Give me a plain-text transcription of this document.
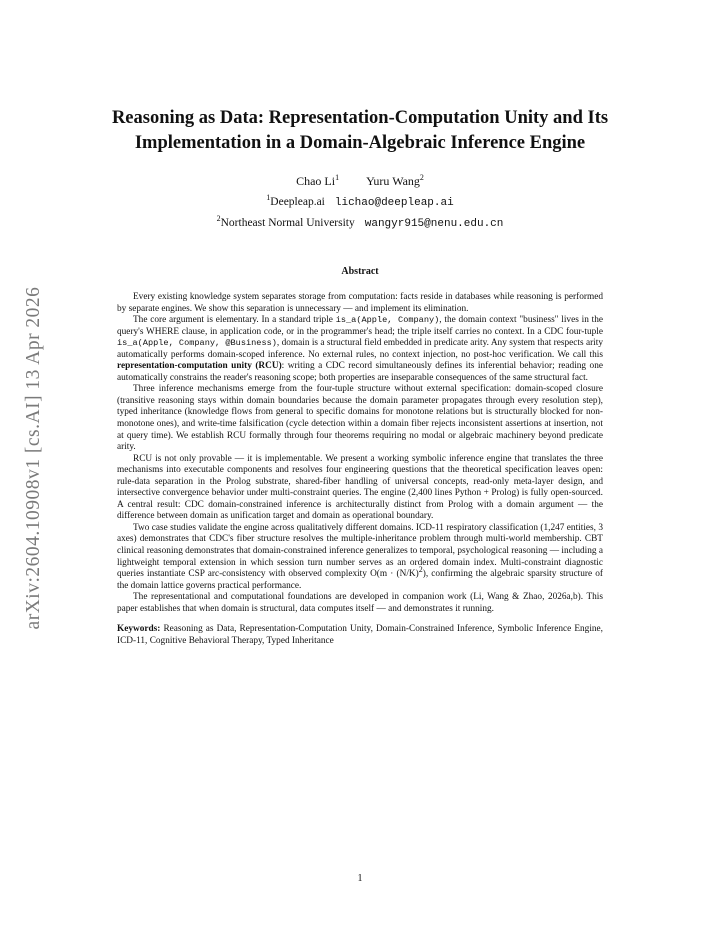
arXiv:2604.10908v1 [cs.AI] 13 Apr 2026
Reasoning as Data: Representation-Computation Unity and Its Implementation in a Domain-Algebraic Inference Engine
Chao Li$^1$ Yuru Wang$^2$
$^1$Deepleap.ai lichao@deepleap.ai
$^2$Northeast Normal University wangyr915@nenu.edu.cn
Abstract

Every existing knowledge system separates storage from computation: facts reside in databases while reasoning is performed by separate engines. We show this separation is unnecessary — and implement its elimination.

The core argument is elementary. In a standard triple is_a(Apple, Company), the domain context "business" lives in the query's WHERE clause, in application code, or in the programmer's head; the triple itself carries no context. In a CDC four-tuple is_a(Apple, Company, @Business), domain is a structural field embedded in predicate arity. Any system that respects arity automatically performs domain-scoped inference. No external rules, no context injection, no post-hoc verification. We call this representation-computation unity (RCU): writing a CDC record simultaneously defines its inferential behavior; reading one automatically constrains the reader's reasoning scope; both properties are inseparable consequences of the same structural fact.

Three inference mechanisms emerge from the four-tuple structure without external specification: domain-scoped closure (transitive reasoning stays within domain boundaries because the domain parameter propagates through every resolution step), typed inheritance (knowledge flows from general to specific domains for monotone relations but is structurally blocked for non-monotone ones), and write-time falsification (cycle detection within a domain fiber rejects inconsistent assertions at insertion, not at query time). We establish RCU formally through four theorems requiring no modal or algebraic machinery beyond predicate arity.

RCU is not only provable — it is implementable. We present a working symbolic inference engine that translates the three mechanisms into executable components and resolves four engineering questions that the theoretical specification leaves open: rule-data separation in the Prolog substrate, shared-fiber handling of universal concepts, read-only meta-layer design, and intersective convergence behavior under multi-constraint queries. The engine (2,400 lines Python + Prolog) is fully open-sourced. A central result: CDC domain-constrained inference is architecturally distinct from Prolog with a domain argument — the difference between domain as unification target and domain as operational boundary.

Two case studies validate the engine across qualitatively different domains. ICD-11 respiratory classification (1,247 entities, 3 axes) demonstrates that CDC's fiber structure resolves the multiple-inheritance problem through multi-world membership. CBT clinical reasoning demonstrates that domain-constrained inference generalizes to temporal, psychological reasoning — including a lightweight temporal extension in which session turn number serves as an ordered domain index. Multi-constraint diagnostic queries instantiate CSP arc-consistency with observed complexity $O(m \cdot (N/K)^2)$, confirming the algebraic sparsity structure of the domain lattice governs practical performance.

The representational and computational foundations are developed in companion work (Li, Wang & Zhao, 2026a,b). This paper establishes that when domain is structural, data computes itself — and demonstrates it running.

Keywords: Reasoning as Data, Representation-Computation Unity, Domain-Constrained Inference, Symbolic Inference Engine, ICD-11, Cognitive Behavioral Therapy, Typed Inheritance

1
